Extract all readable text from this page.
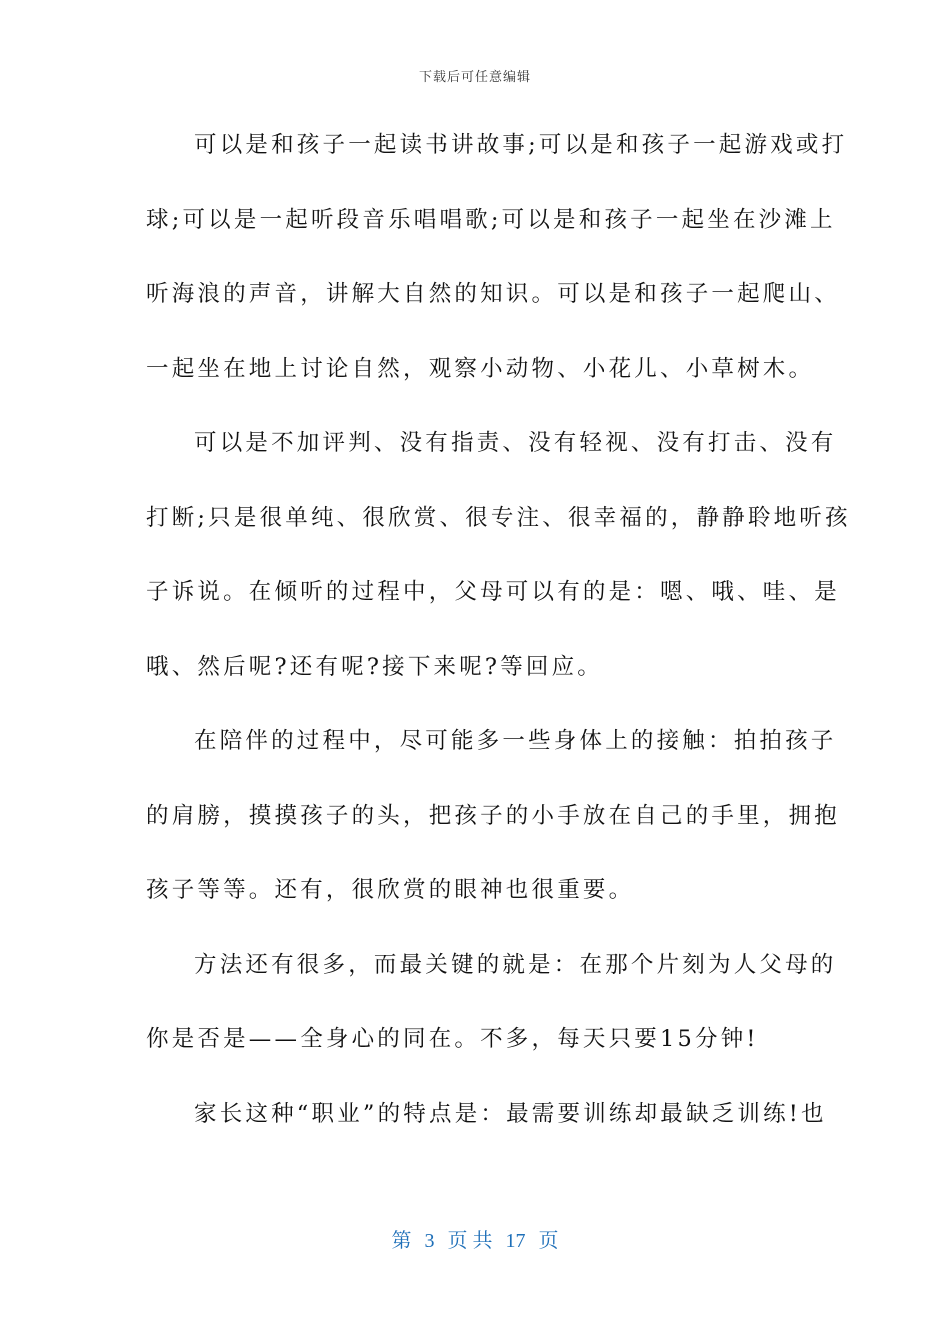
下载后可任意编辑
可以是和孩子一起读书讲故事;可以是和孩子一起游戏或打
球;可以是一起听段音乐唱唱歌;可以是和孩子一起坐在沙滩上
听海浪的声音，讲解大自然的知识。可以是和孩子一起爬山、
一起坐在地上讨论自然，观察小动物、小花儿、小草树木。
可以是不加评判、没有指责、没有轻视、没有打击、没有
打断;只是很单纯、很欣赏、很专注、很幸福的，静静聆地听孩
子诉说。在倾听的过程中，父母可以有的是：嗯、哦、哇、是
哦、然后呢?还有呢?接下来呢?等回应。
在陪伴的过程中，尽可能多一些身体上的接触：拍拍孩子
的肩膀，摸摸孩子的头，把孩子的小手放在自己的手里，拥抱
孩子等等。还有，很欣赏的眼神也很重要。
方法还有很多，而最关键的就是：在那个片刻为人父母的
你是否是——全身心的同在。不多，每天只要15分钟!
家长这种“职业”的特点是：最需要训练却最缺乏训练!也
第 3 页 共 17 页
